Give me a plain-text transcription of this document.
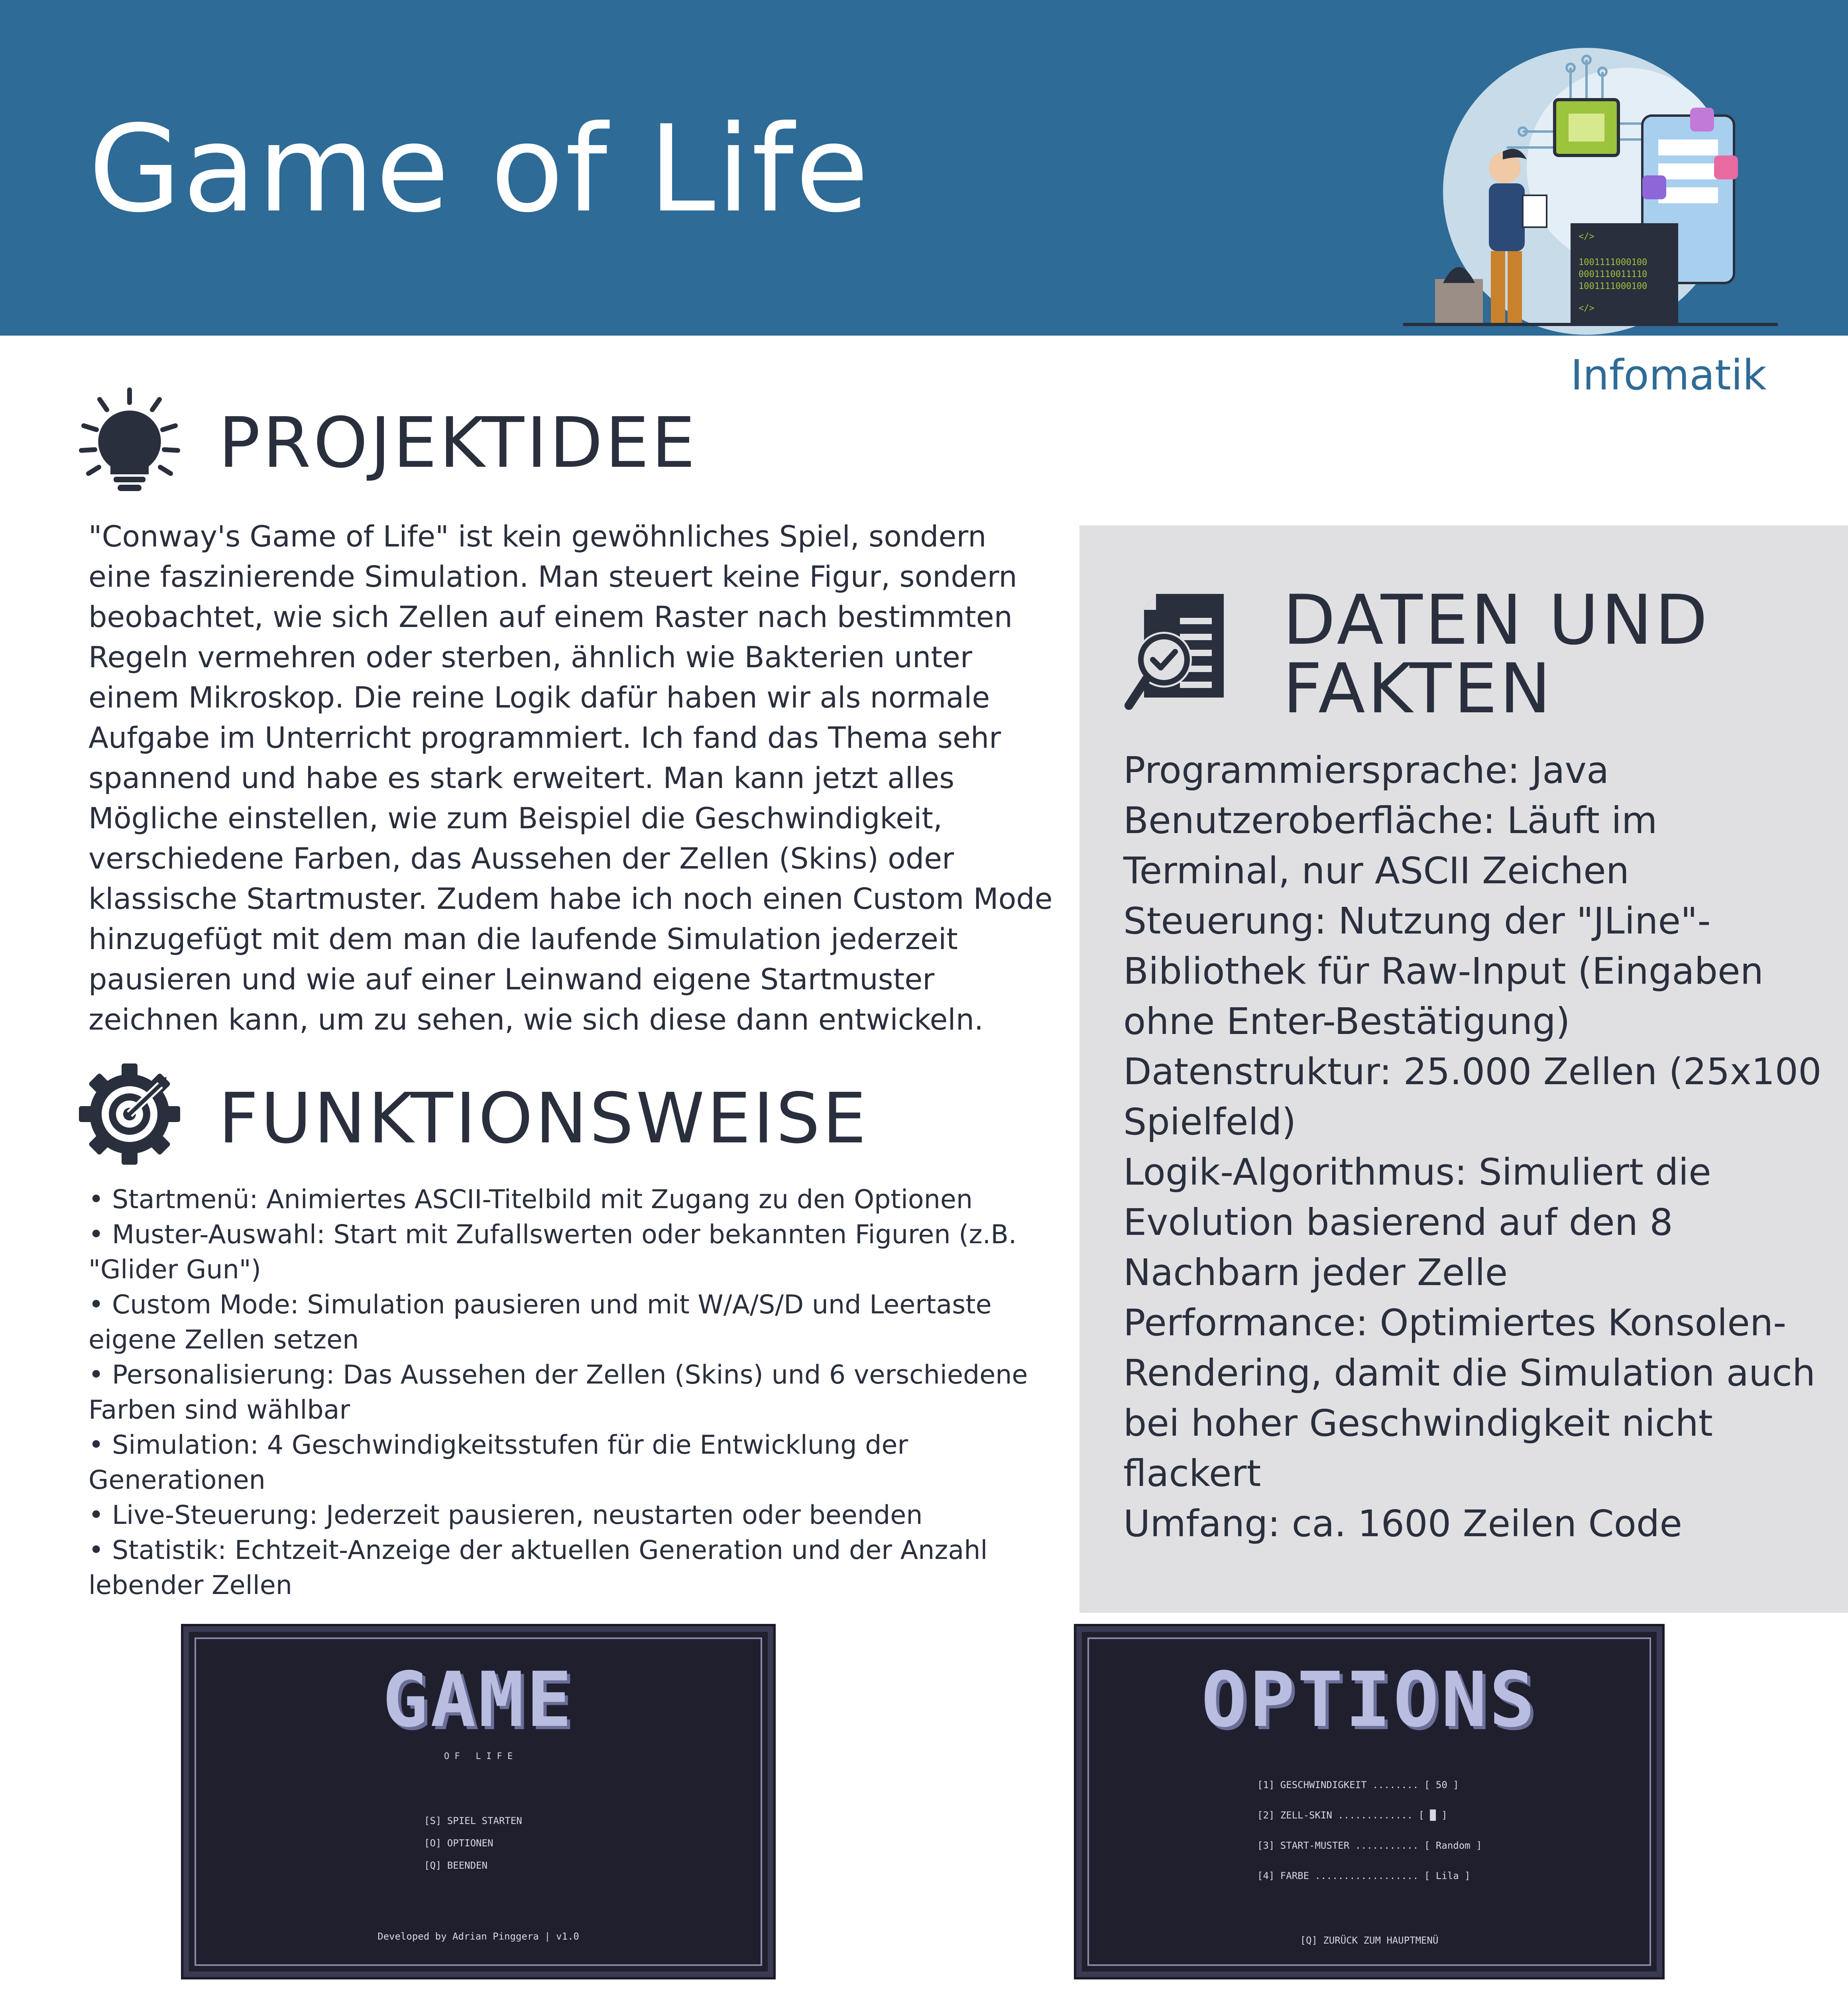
Game of Life	</>
1001111000100
0001110011110
1001111000100
</>
Infomatik
PROJEKTIDEE
"Conway's Game of Life" ist kein gewöhnliches Spiel, sondern eine faszinierende Simulation. Man steuert keine Figur, sondern beobachtet, wie sich Zellen auf einem Raster nach bestimmten Regeln vermehren oder sterben, ähnlich wie Bakterien unter einem Mikroskop. Die reine Logik dafür haben wir als normale Aufgabe im Unterricht programmiert. Ich fand das Thema sehr spannend und habe es stark erweitert. Man kann jetzt alles Mögliche einstellen, wie zum Beispiel die Geschwindigkeit, verschiedene Farben, das Aussehen der Zellen (Skins) oder klassische Startmuster. Zudem habe ich noch einen Custom Mode hinzugefügt mit dem man die laufende Simulation jederzeit pausieren und wie auf einer Leinwand eigene Startmuster zeichnen kann, um zu sehen, wie sich diese dann entwickeln.
FUNKTIONSWEISE
• Startmenü: Animiertes ASCII-Titelbild mit Zugang zu den Optionen
• Muster-Auswahl: Start mit Zufallswerten oder bekannten Figuren (z.B. "Glider Gun")
• Custom Mode: Simulation pausieren und mit W/A/S/D und Leertaste eigene Zellen setzen
• Personalisierung: Das Aussehen der Zellen (Skins) und 6 verschiedene Farben sind wählbar
• Simulation: 4 Geschwindigkeitsstufen für die Entwicklung der Generationen
• Live-Steuerung: Jederzeit pausieren, neustarten oder beenden
• Statistik: Echtzeit-Anzeige der aktuellen Generation und der Anzahl lebender Zellen
DATEN UND
FAKTEN
Programmiersprache: Java
Benutzeroberfläche: Läuft im Terminal, nur ASCII Zeichen
Steuerung: Nutzung der "JLine"-Bibliothek für Raw-Input (Eingaben ohne Enter-Bestätigung)
Datenstruktur: 25.000 Zellen (25x100 Spielfeld)
Logik-Algorithmus: Simuliert die Evolution basierend auf den 8 Nachbarn jeder Zelle
Performance: Optimiertes Konsolen-Rendering, damit die Simulation auch bei hoher Geschwindigkeit nicht flackert
Umfang: ca. 1600 Zeilen Code
GAME
O F   L I F E
[S] SPIEL STARTEN
[O] OPTIONEN
[Q] BEENDEN
Developed by Adrian Pinggera | v1.0
OPTIONS
[1] GESCHWINDIGKEIT ........ [ 50 ]
[2] ZELL-SKIN ............. [ █ ]
[3] START-MUSTER ........... [ Random ]
[4] FARBE .................. [ Lila ]
[Q] ZURÜCK ZUM HAUPTMENÜ
